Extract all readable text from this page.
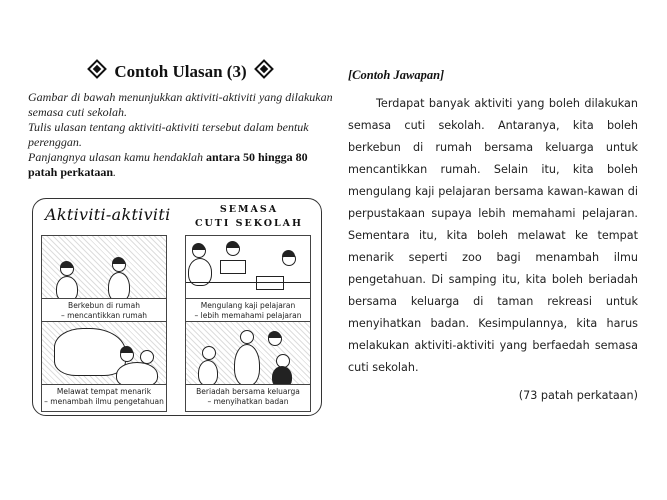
Contoh Ulasan (3)

Gambar di bawah menunjukkan aktiviti-aktiviti yang dilakukan semasa cuti sekolah.

Tulis ulasan tentang aktiviti-aktiviti tersebut dalam bentuk perenggan.

Panjangnya ulasan kamu hendaklah antara 50 hingga 80 patah perkataan.

Aktiviti-aktiviti	SEMASA
CUTI SEKOLAH
Berkebun di rumah
– mencantikkan rumah
Mengulang kaji pelajaran
– lebih memahami pelajaran
Melawat tempat menarik
– menambah ilmu pengetahuan
Beriadah bersama keluarga
– menyihatkan badan

[Contoh Jawapan]

Terdapat banyak aktiviti yang boleh dilakukan semasa cuti sekolah. Antaranya, kita boleh berkebun di rumah bersama keluarga untuk mencantikkan rumah. Selain itu, kita boleh mengulang kaji pelajaran bersama kawan-kawan di perpustakaan supaya lebih memahami pelajaran. Sementara itu, kita boleh melawat ke tempat menarik seperti zoo bagi menambah ilmu pengetahuan. Di samping itu, kita boleh beriadah bersama keluarga di taman rekreasi untuk menyihatkan badan. Kesimpulannya, kita harus melakukan aktiviti-aktiviti yang berfaedah semasa cuti sekolah.

(73 patah perkataan)
